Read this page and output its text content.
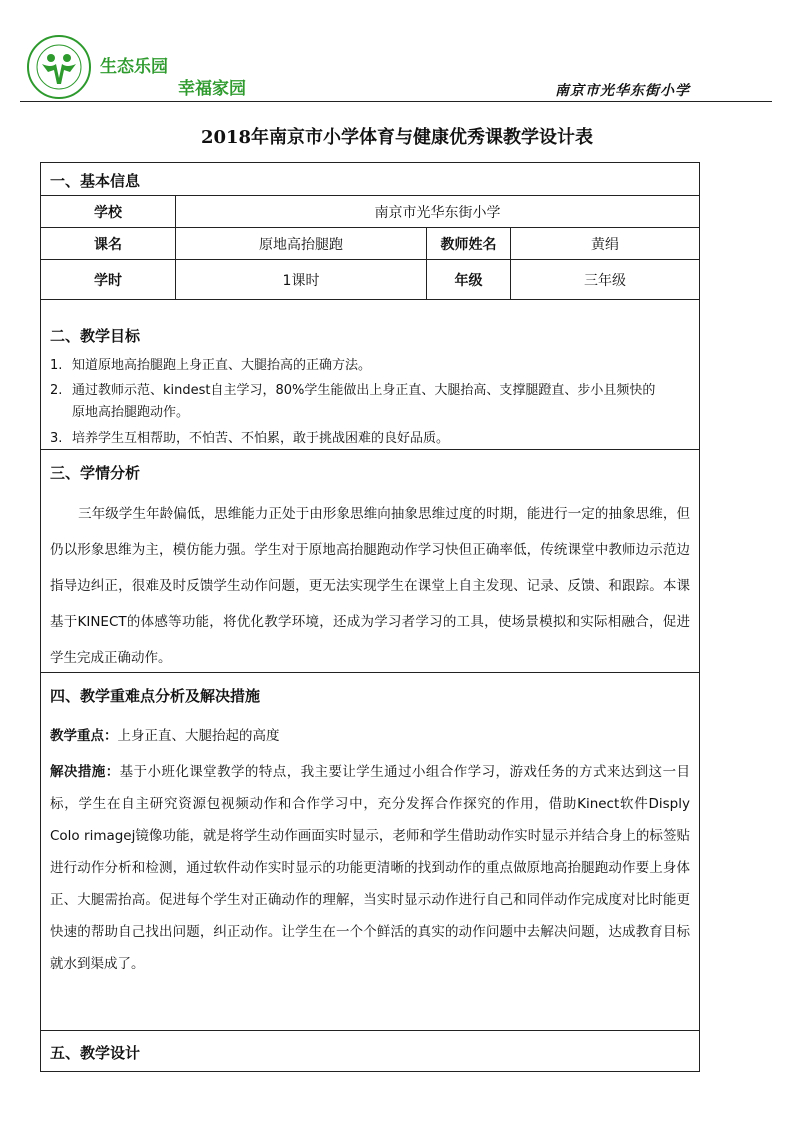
生态乐园
幸福家园	南京市光华东街小学
2018年南京市小学体育与健康优秀课教学设计表
一、基本信息
学校	南京市光华东街小学
课名	原地高抬腿跑	教师姓名	黄绢
学时	1课时	年级	三年级
二、教学目标
1. 知道原地高抬腿跑上身正直、大腿抬高的正确方法。
2. 通过教师示范、kindest自主学习，80%学生能做出上身正直、大腿抬高、支撑腿蹬直、步小且频快的
原地高抬腿跑动作。
3. 培养学生互相帮助，不怕苦、不怕累，敢于挑战困难的良好品质。
三、学情分析
三年级学生年龄偏低，思维能力正处于由形象思维向抽象思维过度的时期，能进行一定的抽象思维，但仍以形象思维为主，模仿能力强。学生对于原地高抬腿跑动作学习快但正确率低，传统课堂中教师边示范边指导边纠正，很难及时反馈学生动作问题，更无法实现学生在课堂上自主发现、记录、反馈、和跟踪。本课基于KINECT的体感等功能，将优化教学环境，还成为学习者学习的工具，使场景模拟和实际相融合，促进学生完成正确动作。
四、教学重难点分析及解决措施
教学重点：上身正直、大腿抬起的高度
解决措施：基于小班化课堂教学的特点，我主要让学生通过小组合作学习，游戏任务的方式来达到这一目标，学生在自主研究资源包视频动作和合作学习中，充分发挥合作探究的作用，借助Kinect软件Disply Colo rimagej镜像功能，就是将学生动作画面实时显示，老师和学生借助动作实时显示并结合身上的标签贴进行动作分析和检测，通过软件动作实时显示的功能更清晰的找到动作的重点做原地高抬腿跑动作要上身体正、大腿需抬高。促进每个学生对正确动作的理解，当实时显示动作进行自己和同伴动作完成度对比时能更快速的帮助自己找出问题，纠正动作。让学生在一个个鲜活的真实的动作问题中去解决问题，达成教育目标就水到渠成了。
五、教学设计
